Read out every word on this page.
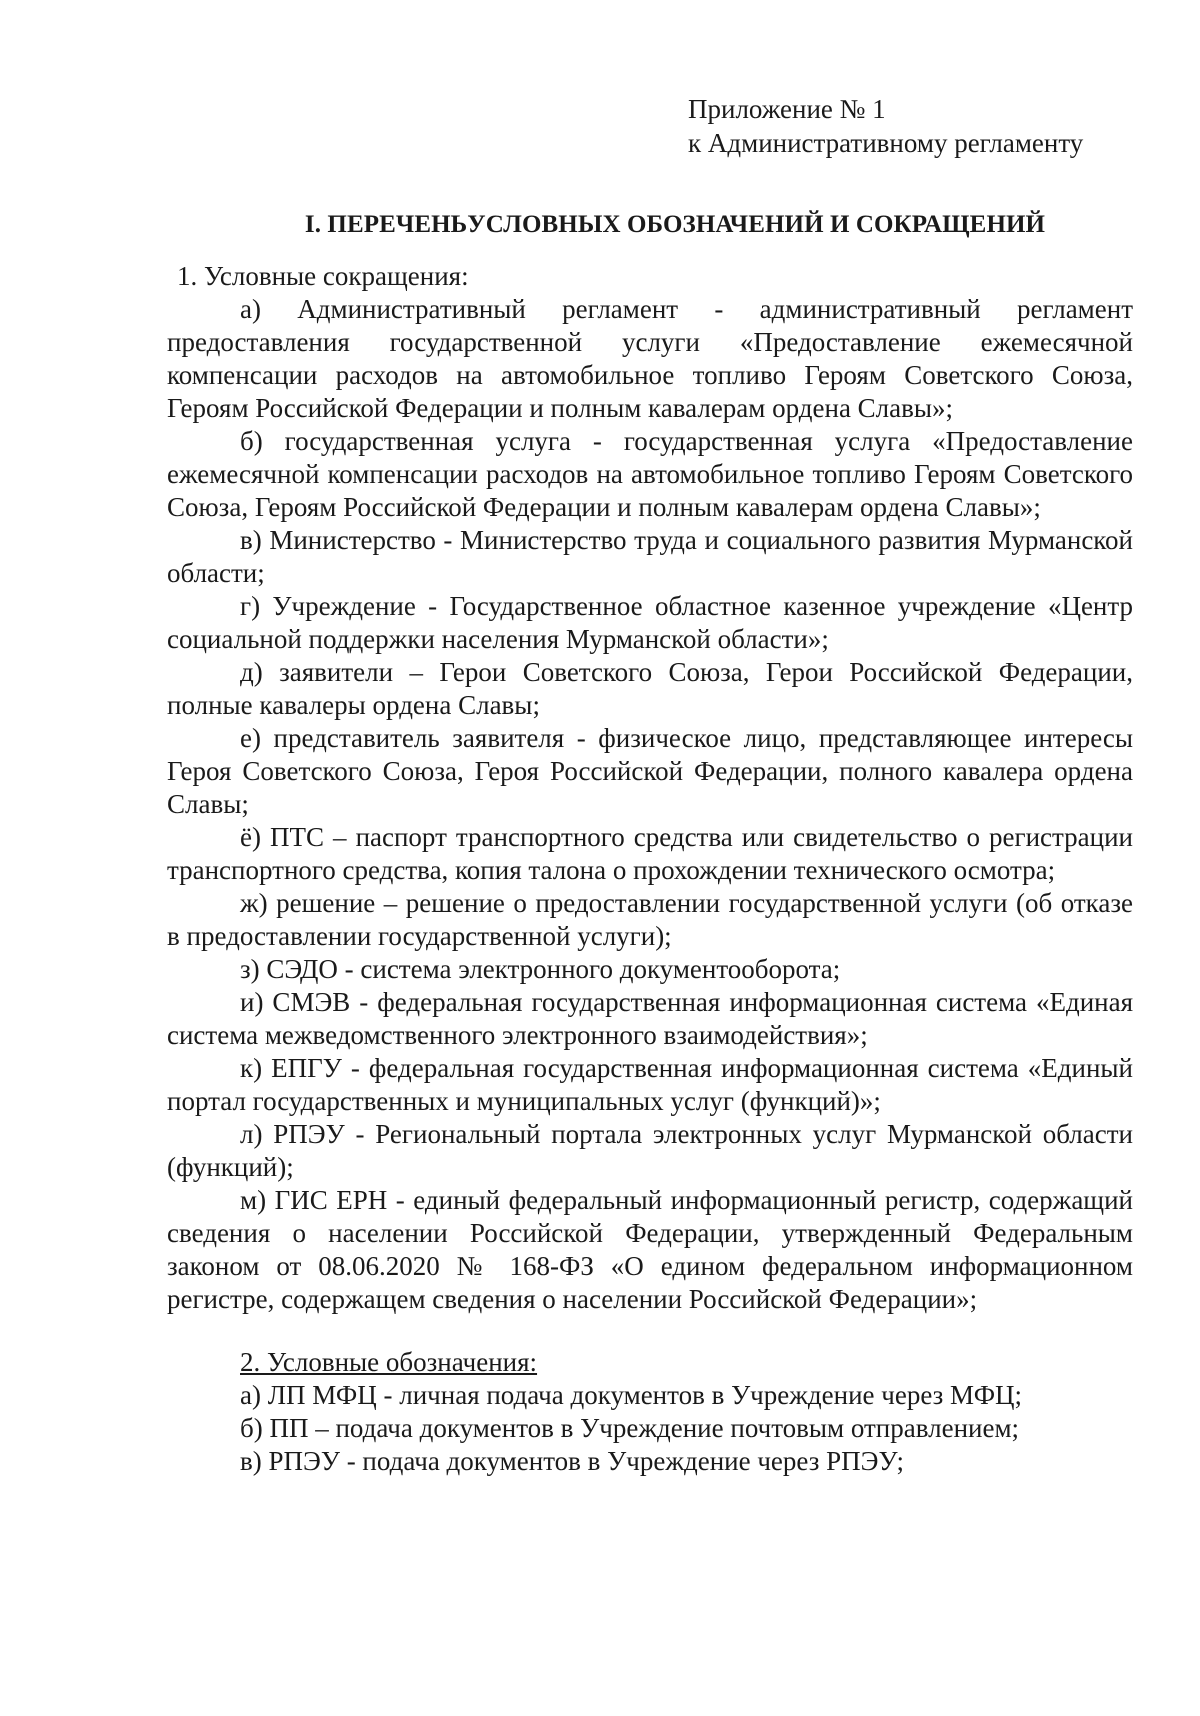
Приложение № 1
к Административному регламенту
I. ПЕРЕЧЕНЬУСЛОВНЫХ ОБОЗНАЧЕНИЙ И СОКРАЩЕНИЙ

1. Условные сокращения:

а) Административный регламент - административный регламент предоставления государственной услуги «Предоставление ежемесячной компенсации расходов на автомобильное топливо Героям Советского Союза, Героям Российской Федерации и полным кавалерам ордена Славы»;

б) государственная услуга - государственная услуга «Предоставление ежемесячной компенсации расходов на автомобильное топливо Героям Советского Союза, Героям Российской Федерации и полным кавалерам ордена Славы»;

в) Министерство - Министерство труда и социального развития Мурманской области;

г) Учреждение - Государственное областное казенное учреждение «Центр социальной поддержки населения Мурманской области»;

д) заявители – Герои Советского Союза, Герои Российской Федерации, полные кавалеры ордена Славы;

е) представитель заявителя - физическое лицо, представляющее интересы Героя Советского Союза, Героя Российской Федерации, полного кавалера ордена Славы;

ё) ПТС – паспорт транспортного средства или свидетельство о регистрации транспортного средства, копия талона о прохождении технического осмотра;

ж) решение – решение о предоставлении государственной услуги (об отказе в предоставлении государственной услуги);

з) СЭДО - система электронного документооборота;

и) СМЭВ - федеральная государственная информационная система «Единая система межведомственного электронного взаимодействия»;

к) ЕПГУ - федеральная государственная информационная система «Единый портал государственных и муниципальных услуг (функций)»;

л) РПЭУ - Региональный портала электронных услуг Мурманской области (функций);

м) ГИС ЕРН - единый федеральный информационный регистр, содержащий сведения о населении Российской Федерации, утвержденный Федеральным законом от 08.06.2020 № 168-ФЗ «О едином федеральном информационном регистре, содержащем сведения о населении Российской Федерации»;

2. Условные обозначения:

а) ЛП МФЦ - личная подача документов в Учреждение через МФЦ;

б) ПП – подача документов в Учреждение почтовым отправлением;

в) РПЭУ - подача документов в Учреждение через РПЭУ;
